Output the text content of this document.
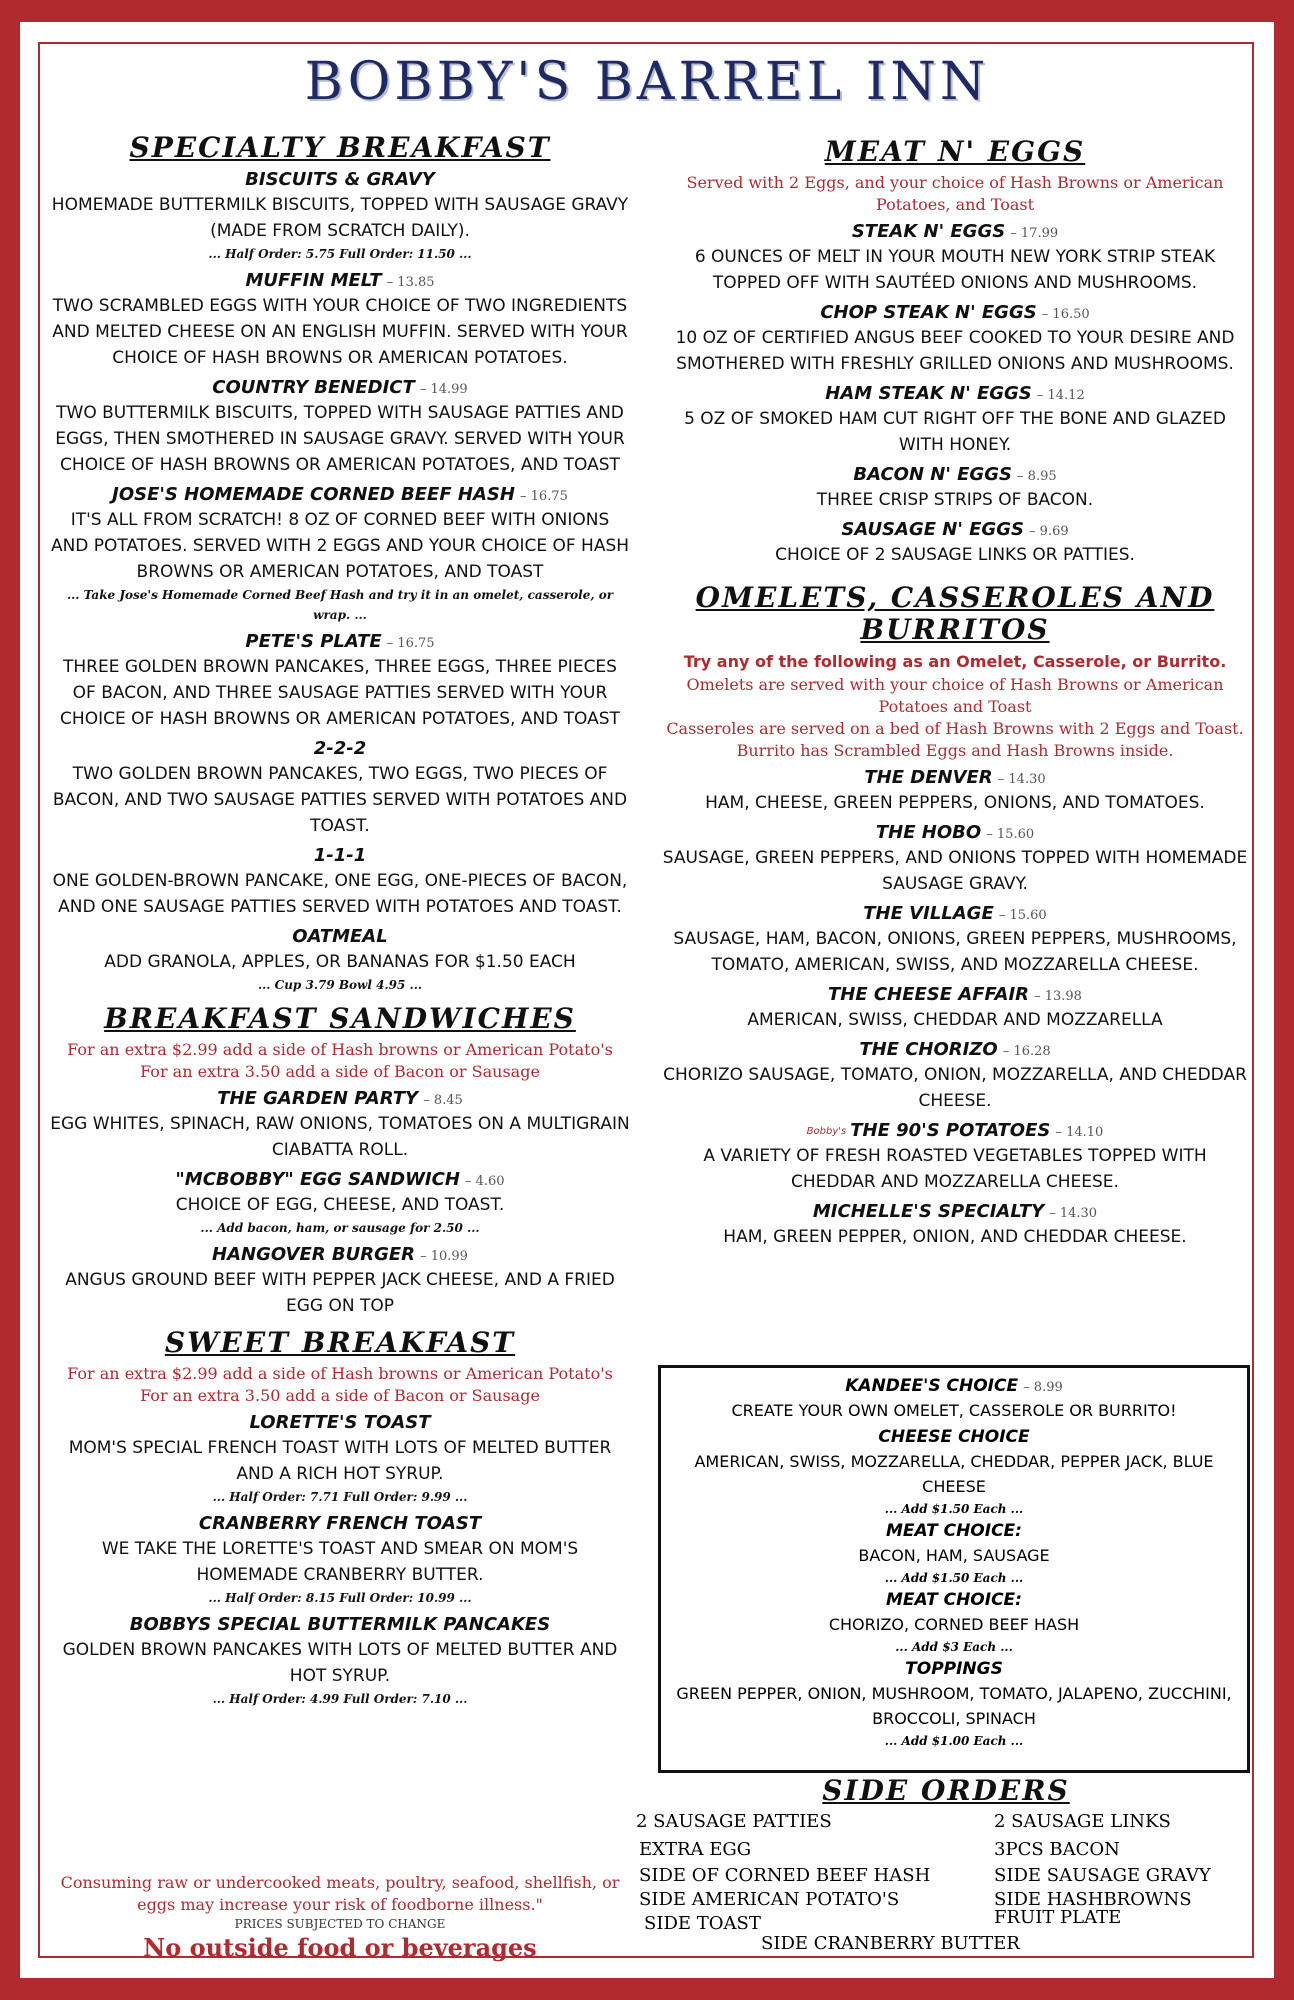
BOBBY'S BARREL INN
SPECIALTY BREAKFAST
BISCUITS & GRAVY
HOMEMADE BUTTERMILK BISCUITS, TOPPED WITH SAUSAGE GRAVY (MADE FROM SCRATCH DAILY).
... Half Order: 5.75 Full Order: 11.50 ...
MUFFIN MELT – 13.85
TWO SCRAMBLED EGGS WITH YOUR CHOICE OF TWO INGREDIENTS AND MELTED CHEESE ON AN ENGLISH MUFFIN. SERVED WITH YOUR CHOICE OF HASH BROWNS OR AMERICAN POTATOES.
COUNTRY BENEDICT – 14.99
TWO BUTTERMILK BISCUITS, TOPPED WITH SAUSAGE PATTIES AND EGGS, THEN SMOTHERED IN SAUSAGE GRAVY. SERVED WITH YOUR CHOICE OF HASH BROWNS OR AMERICAN POTATOES, AND TOAST
JOSE'S HOMEMADE CORNED BEEF HASH – 16.75
IT'S ALL FROM SCRATCH! 8 OZ OF CORNED BEEF WITH ONIONS AND POTATOES. SERVED WITH 2 EGGS AND YOUR CHOICE OF HASH BROWNS OR AMERICAN POTATOES, AND TOAST
... Take Jose's Homemade Corned Beef Hash and try it in an omelet, casserole, or wrap. ...
PETE'S PLATE – 16.75
THREE GOLDEN BROWN PANCAKES, THREE EGGS, THREE PIECES OF BACON, AND THREE SAUSAGE PATTIES SERVED WITH YOUR CHOICE OF HASH BROWNS OR AMERICAN POTATOES, AND TOAST
2-2-2
TWO GOLDEN BROWN PANCAKES, TWO EGGS, TWO PIECES OF BACON, AND TWO SAUSAGE PATTIES SERVED WITH POTATOES AND TOAST.
1-1-1
ONE GOLDEN-BROWN PANCAKE, ONE EGG, ONE-PIECES OF BACON, AND ONE SAUSAGE PATTIES SERVED WITH POTATOES AND TOAST.
OATMEAL
ADD GRANOLA, APPLES, OR BANANAS FOR $1.50 EACH
... Cup 3.79 Bowl 4.95 ...
BREAKFAST SANDWICHES
For an extra $2.99 add a side of Hash browns or American Potato's
For an extra 3.50 add a side of Bacon or Sausage
THE GARDEN PARTY – 8.45
EGG WHITES, SPINACH, RAW ONIONS, TOMATOES ON A MULTIGRAIN CIABATTA ROLL.
"MCBOBBY" EGG SANDWICH – 4.60
CHOICE OF EGG, CHEESE, AND TOAST.
... Add bacon, ham, or sausage for 2.50 ...
HANGOVER BURGER – 10.99
ANGUS GROUND BEEF WITH PEPPER JACK CHEESE, AND A FRIED EGG ON TOP
SWEET BREAKFAST
For an extra $2.99 add a side of Hash browns or American Potato's
For an extra 3.50 add a side of Bacon or Sausage
LORETTE'S TOAST
MOM'S SPECIAL FRENCH TOAST WITH LOTS OF MELTED BUTTER AND A RICH HOT SYRUP.
... Half Order: 7.71 Full Order: 9.99 ...
CRANBERRY FRENCH TOAST
WE TAKE THE LORETTE'S TOAST AND SMEAR ON MOM'S HOMEMADE CRANBERRY BUTTER.
... Half Order: 8.15 Full Order: 10.99 ...
BOBBYS SPECIAL BUTTERMILK PANCAKES
GOLDEN BROWN PANCAKES WITH LOTS OF MELTED BUTTER AND HOT SYRUP.
... Half Order: 4.99 Full Order: 7.10 ...
Consuming raw or undercooked meats, poultry, seafood, shellfish, or eggs may increase your risk of foodborne illness."
PRICES SUBJECTED TO CHANGE
No outside food or beverages
MEAT N' EGGS
Served with 2 Eggs, and your choice of Hash Browns or American Potatoes, and Toast
STEAK N' EGGS – 17.99
6 OUNCES OF MELT IN YOUR MOUTH NEW YORK STRIP STEAK TOPPED OFF WITH SAUTÉED ONIONS AND MUSHROOMS.
CHOP STEAK N' EGGS – 16.50
10 OZ OF CERTIFIED ANGUS BEEF COOKED TO YOUR DESIRE AND SMOTHERED WITH FRESHLY GRILLED ONIONS AND MUSHROOMS.
HAM STEAK N' EGGS – 14.12
5 OZ OF SMOKED HAM CUT RIGHT OFF THE BONE AND GLAZED WITH HONEY.
BACON N' EGGS – 8.95
THREE CRISP STRIPS OF BACON.
SAUSAGE N' EGGS – 9.69
CHOICE OF 2 SAUSAGE LINKS OR PATTIES.
OMELETS, CASSEROLES AND BURRITOS
Try any of the following as an Omelet, Casserole, or Burrito.
Omelets are served with your choice of Hash Browns or American Potatoes and Toast
Casseroles are served on a bed of Hash Browns with 2 Eggs and Toast.
Burrito has Scrambled Eggs and Hash Browns inside.
THE DENVER – 14.30
HAM, CHEESE, GREEN PEPPERS, ONIONS, AND TOMATOES.
THE HOBO – 15.60
SAUSAGE, GREEN PEPPERS, AND ONIONS TOPPED WITH HOMEMADE SAUSAGE GRAVY.
THE VILLAGE – 15.60
SAUSAGE, HAM, BACON, ONIONS, GREEN PEPPERS, MUSHROOMS, TOMATO, AMERICAN, SWISS, AND MOZZARELLA CHEESE.
THE CHEESE AFFAIR – 13.98
AMERICAN, SWISS, CHEDDAR AND MOZZARELLA
THE CHORIZO – 16.28
CHORIZO SAUSAGE, TOMATO, ONION, MOZZARELLA, AND CHEDDAR CHEESE.
Bobby's THE 90'S POTATOES – 14.10
A VARIETY OF FRESH ROASTED VEGETABLES TOPPED WITH CHEDDAR AND MOZZARELLA CHEESE.
MICHELLE'S SPECIALTY – 14.30
HAM, GREEN PEPPER, ONION, AND CHEDDAR CHEESE.
KANDEE'S CHOICE – 8.99
CREATE YOUR OWN OMELET, CASSEROLE OR BURRITO!
CHEESE CHOICE
AMERICAN, SWISS, MOZZARELLA, CHEDDAR, PEPPER JACK, BLUE CHEESE
... Add $1.50 Each ...
MEAT CHOICE:
BACON, HAM, SAUSAGE
... Add $1.50 Each ...
MEAT CHOICE:
CHORIZO, CORNED BEEF HASH
... Add $3 Each ...
TOPPINGS
GREEN PEPPER, ONION, MUSHROOM, TOMATO, JALAPENO, ZUCCHINI, BROCCOLI, SPINACH
... Add $1.00 Each ...
SIDE ORDERS
2 SAUSAGE PATTIES
EXTRA EGG
SIDE OF CORNED BEEF HASH
SIDE AMERICAN POTATO'S
SIDE TOAST
2 SAUSAGE LINKS
3PCS BACON
SIDE SAUSAGE GRAVY
SIDE HASHBROWNS
FRUIT PLATE
SIDE CRANBERRY BUTTER
